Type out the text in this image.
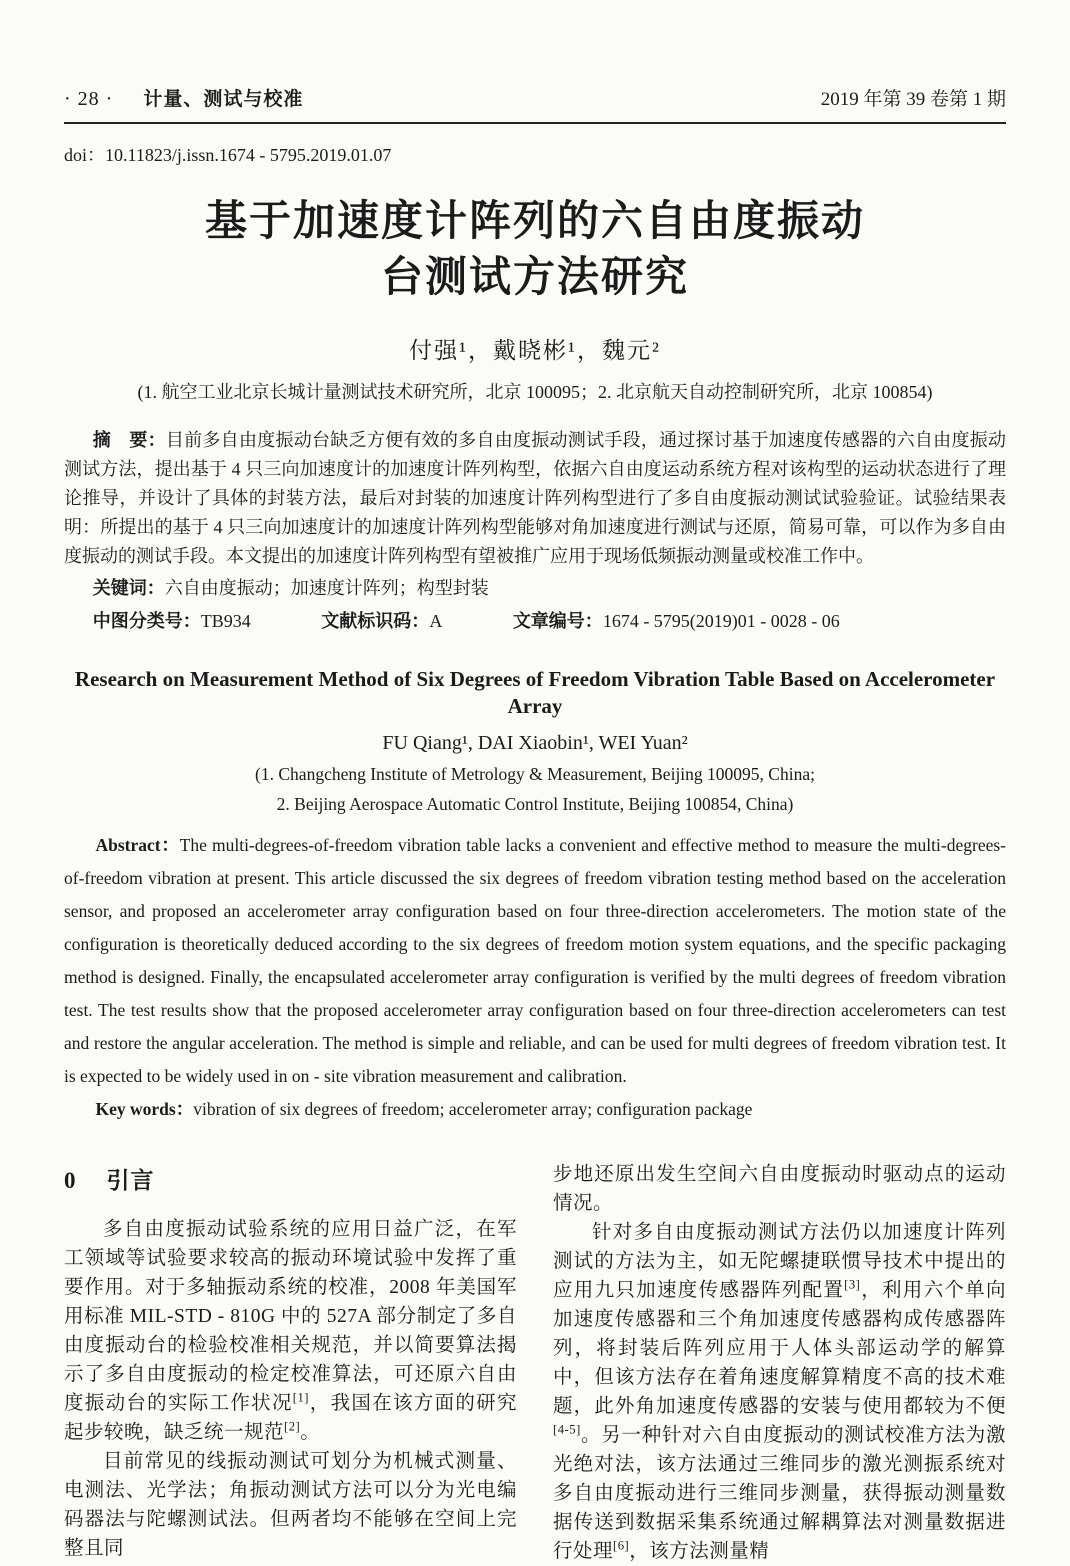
· 28 · 计量、测试与校准	2019 年第 39 卷第 1 期
doi：10.11823/j.issn.1674 - 5795.2019.01.07
基于加速度计阵列的六自由度振动
台测试方法研究
付强¹，戴晓彬¹，魏元²
(1. 航空工业北京长城计量测试技术研究所，北京 100095；2. 北京航天自动控制研究所，北京 100854)

摘　要：目前多自由度振动台缺乏方便有效的多自由度振动测试手段，通过探讨基于加速度传感器的六自由度振动测试方法，提出基于 4 只三向加速度计的加速度计阵列构型，依据六自由度运动系统方程对该构型的运动状态进行了理论推导，并设计了具体的封装方法，最后对封装的加速度计阵列构型进行了多自由度振动测试试验验证。试验结果表明：所提出的基于 4 只三向加速度计的加速度计阵列构型能够对角加速度进行测试与还原，简易可靠，可以作为多自由度振动的测试手段。本文提出的加速度计阵列构型有望被推广应用于现场低频振动测量或校准工作中。

关键词：六自由度振动；加速度计阵列；构型封装

中图分类号：TB934	文献标识码：A	文章编号：1674 - 5795(2019)01 - 0028 - 06

Research on Measurement Method of Six Degrees of Freedom Vibration Table Based on Accelerometer Array
FU Qiang¹, DAI Xiaobin¹, WEI Yuan²
(1. Changcheng Institute of Metrology & Measurement, Beijing 100095, China;
2. Beijing Aerospace Automatic Control Institute, Beijing 100854, China)

Abstract：The multi-degrees-of-freedom vibration table lacks a convenient and effective method to measure the multi-degrees-of-freedom vibration at present. This article discussed the six degrees of freedom vibration testing method based on the acceleration sensor, and proposed an accelerometer array configuration based on four three-direction accelerometers. The motion state of the configuration is theoretically deduced according to the six degrees of freedom motion system equations, and the specific packaging method is designed. Finally, the encapsulated accelerometer array configuration is verified by the multi degrees of freedom vibration test. The test results show that the proposed accelerometer array configuration based on four three-direction accelerometers can test and restore the angular acceleration. The method is simple and reliable, and can be used for multi degrees of freedom vibration test. It is expected to be widely used in on - site vibration measurement and calibration.

Key words：vibration of six degrees of freedom; accelerometer array; configuration package

0 引言

多自由度振动试验系统的应用日益广泛，在军工领域等试验要求较高的振动环境试验中发挥了重要作用。对于多轴振动系统的校准，2008 年美国军用标准 MIL-STD - 810G 中的 527A 部分制定了多自由度振动台的检验校准相关规范，并以简要算法揭示了多自由度振动的检定校准算法，可还原六自由度振动台的实际工作状况[1]，我国在该方面的研究起步较晚，缺乏统一规范[2]。

目前常见的线振动测试可划分为机械式测量、电测法、光学法；角振动测试方法可以分为光电编码器法与陀螺测试法。但两者均不能够在空间上完整且同

步地还原出发生空间六自由度振动时驱动点的运动情况。

针对多自由度振动测试方法仍以加速度计阵列测试的方法为主，如无陀螺捷联惯导技术中提出的应用九只加速度传感器阵列配置[3]，利用六个单向加速度传感器和三个角加速度传感器构成传感器阵列，将封装后阵列应用于人体头部运动学的解算中，但该方法存在着角速度解算精度不高的技术难题，此外角加速度传感器的安装与使用都较为不便[4-5]。另一种针对六自由度振动的测试校准方法为激光绝对法，该方法通过三维同步的激光测振系统对多自由度振动进行三维同步测量，获得振动测量数据传送到数据采集系统通过解耦算法对测量数据进行处理[6]，该方法测量精
